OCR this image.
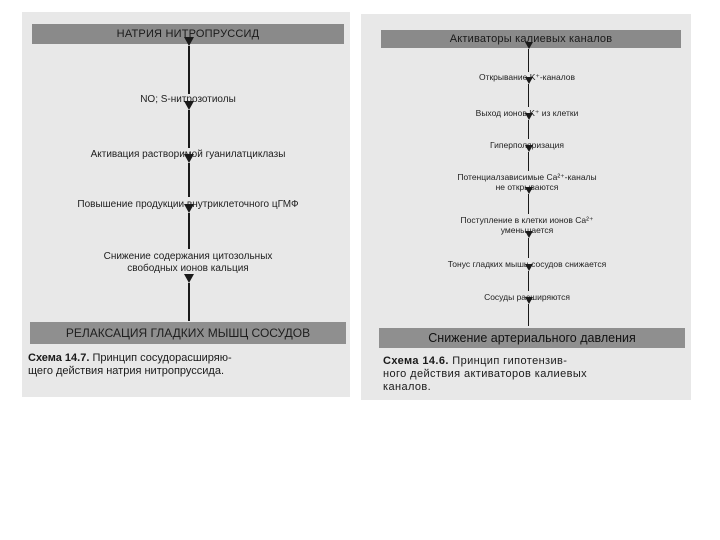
НАТРИЯ НИТРОПРУССИД
NO; S-нитрозотиолы
Активация растворимой гуанилатциклазы
Повышение продукции внутриклеточного цГМФ
Снижение содержания цитозольных
свободных ионов кальция
РЕЛАКСАЦИЯ ГЛАДКИХ МЫШЦ СОСУДОВ
Схема 14.7. Принцип сосудорасширяю-
щего действия натрия нитропруссида.
Активаторы калиевых каналов
Открывание K⁺-каналов
Выход ионов K⁺ из клетки
Гиперполяризация
Потенциалзависимые Ca²⁺-каналы
не открываются
Поступление в клетки ионов Ca²⁺
уменьшается
Тонус гладких мышц сосудов снижается
Сосуды расширяются
Снижение артериального давления
Схема 14.6. Принцип гипотензив-
ного действия активаторов калиевых
каналов.
